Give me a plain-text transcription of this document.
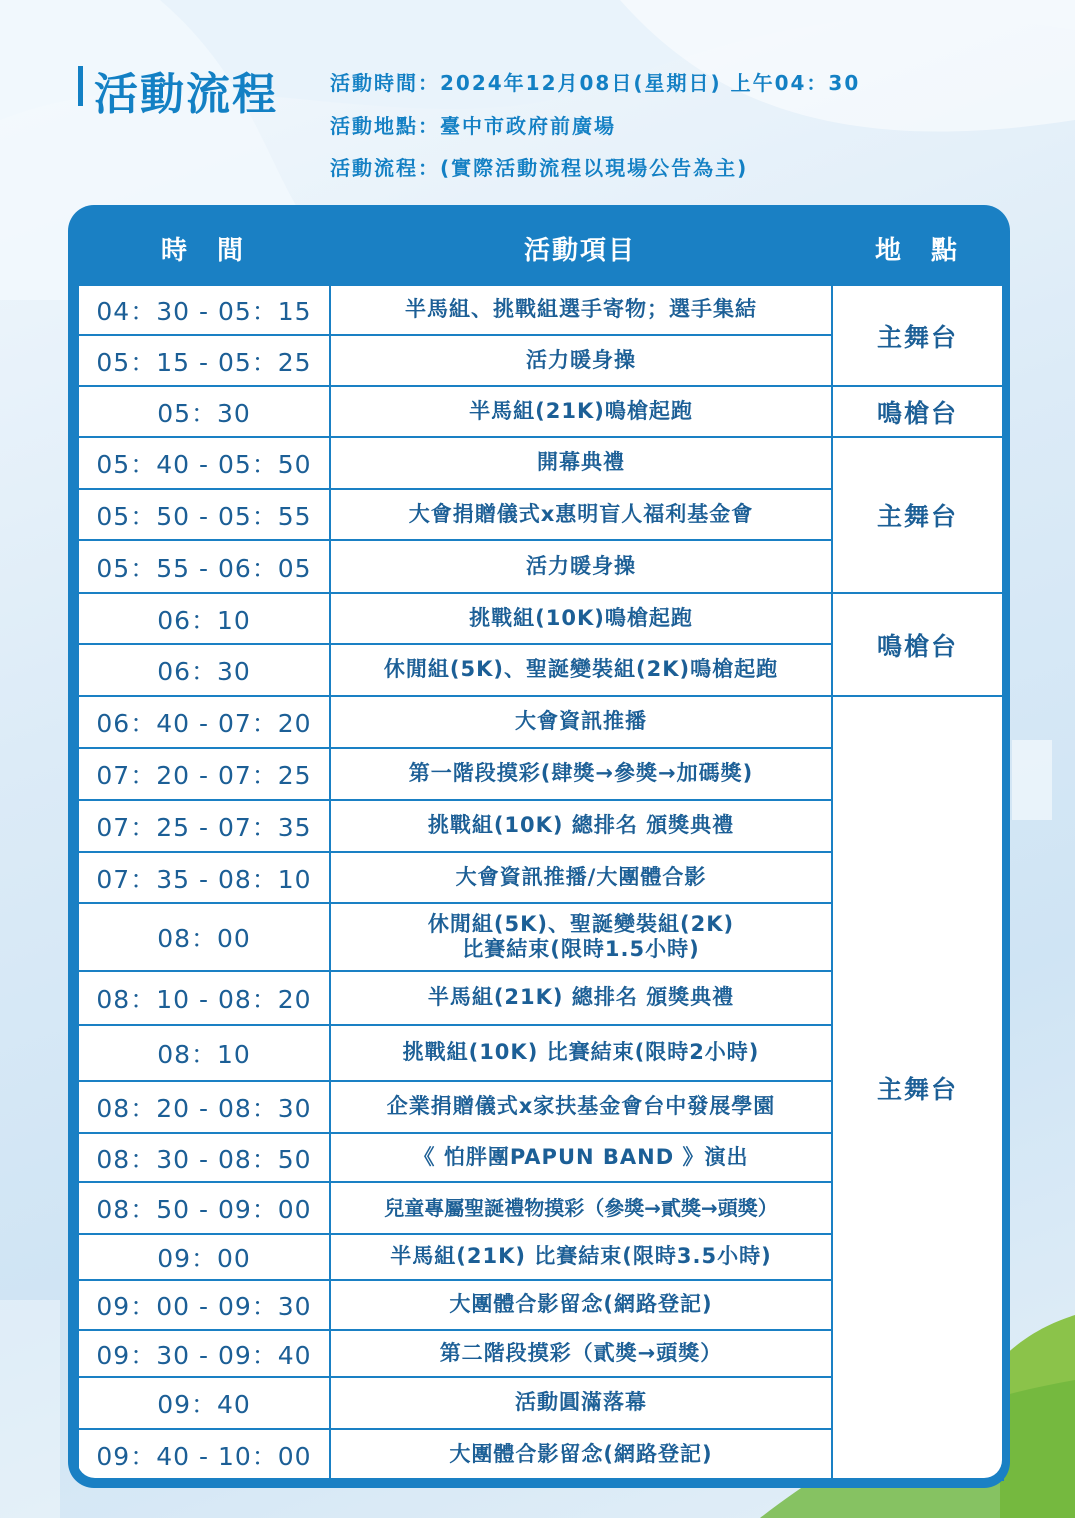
活動流程	活動時間：2024年12月08日(星期日) 上午04：30
活動地點：臺中市政府前廣場
活動流程：(實際活動流程以現場公告為主)
時　間	活動項目	地　點
04：30 - 05：15	半馬組、挑戰組選手寄物；選手集結	主舞台
05：15 - 05：25	活力暖身操	
05：30	半馬組(21K)鳴槍起跑	鳴槍台
05：40 - 05：50	開幕典禮	主舞台
05：50 - 05：55	大會捐贈儀式x惠明盲人福利基金會	
05：55 - 06：05	活力暖身操	
06：10	挑戰組(10K)鳴槍起跑	鳴槍台
06：30	休閒組(5K)、聖誕變裝組(2K)鳴槍起跑	
06：40 - 07：20	大會資訊推播	主舞台
07：20 - 07：25	第一階段摸彩(肆獎→參獎→加碼獎)	
07：25 - 07：35	挑戰組(10K) 總排名 頒獎典禮	
07：35 - 08：10	大會資訊推播/大團體合影	
08：00	休閒組(5K)、聖誕變裝組(2K)
比賽結束(限時1.5小時)	

08：10 - 08：20	半馬組(21K) 總排名 頒獎典禮	
08：10	挑戰組(10K) 比賽結束(限時2小時)	
08：20 - 08：30	企業捐贈儀式x家扶基金會台中發展學園	
08：30 - 08：50	《 怕胖團PAPUN BAND 》演出	
08：50 - 09：00	兒童專屬聖誕禮物摸彩（參獎→貳獎→頭獎）	
09：00	半馬組(21K) 比賽結束(限時3.5小時)	
09：00 - 09：30	大團體合影留念(網路登記)	
09：30 - 09：40	第二階段摸彩（貳獎→頭獎）	
09：40	活動圓滿落幕	
09：40 - 10：00	大團體合影留念(網路登記)	
